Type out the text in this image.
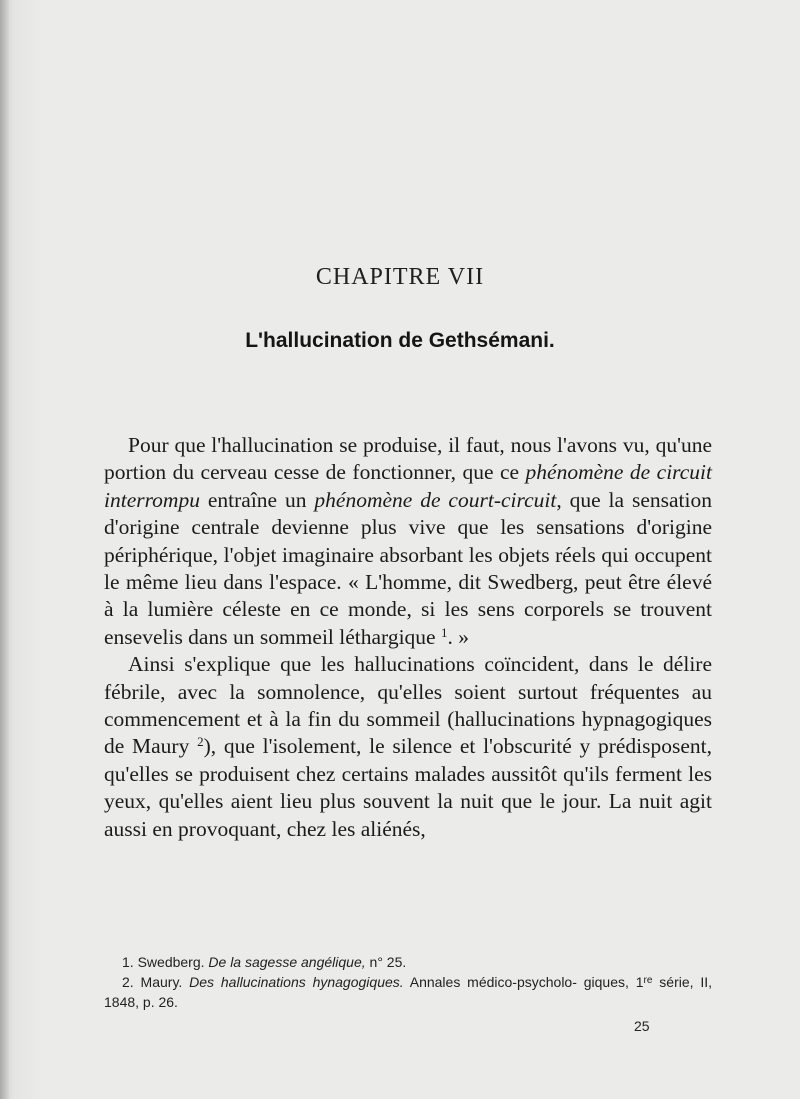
CHAPITRE VII
L'hallucination de Gethsémani.

Pour que l'hallucination se produise, il faut, nous l'avons vu, qu'une portion du cerveau cesse de fonctionner, que ce phénomène de circuit interrompu entraîne un phénomène de court-circuit, que la sensation d'origine centrale devienne plus vive que les sensations d'origine périphérique, l'objet imaginaire absorbant les objets réels qui occupent le même lieu dans l'espace. « L'homme, dit Swedberg, peut être élevé à la lumière céleste en ce monde, si les sens corporels se trouvent ensevelis dans un sommeil léthargique $^1$. »

Ainsi s'explique que les hallucinations coïncident, dans le délire fébrile, avec la somnolence, qu'elles soient surtout fréquentes au commencement et à la fin du sommeil (hallucinations hypnagogiques de Maury $^2$), que l'isolement, le silence et l'obscurité y prédisposent, qu'elles se produisent chez certains malades aussitôt qu'ils ferment les yeux, qu'elles aient lieu plus souvent la nuit que le jour. La nuit agit aussi en provoquant, chez les aliénés,

1. Swedberg. De la sagesse angélique, n° 25.

2. Maury. Des hallucinations hynagogiques. Annales médico-psycholo- giques, 1re série, II, 1848, p. 26.

25
